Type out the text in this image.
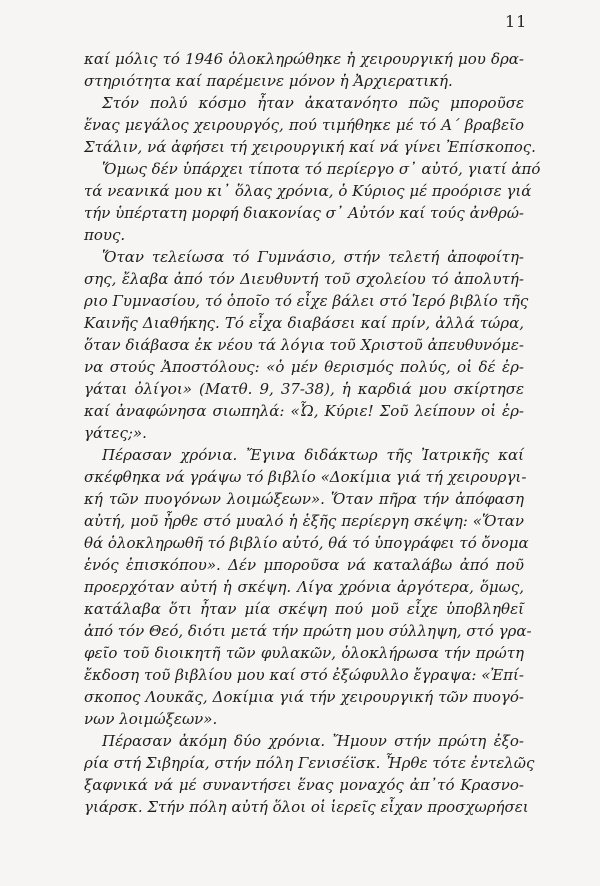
11
καί μόλις τό 1946 ὁλοκληρώθηκε ἡ χειρουργική μου δρα-
στηριότητα καί παρέμεινε μόνον ἡ Ἀρχιερατική.
Στόν πολύ κόσμο ἦταν ἀκατανόητο πῶς μποροῦσε
ἕνας μεγάλος χειρουργός, πού τιμήθηκε μέ τό Α΄ βραβεῖο
Στάλιν, νά ἀφήσει τή χειρουργική καί νά γίνει Ἐπίσκοπος.
Ὅμως δέν ὑπάρχει τίποτα τό περίεργο σ᾿ αὐτό, γιατί ἀπό
τά νεανικά μου κι᾿ ὅλας χρόνια, ὁ Κύριος μέ προόρισε γιά
τήν ὑπέρτατη μορφή διακονίας σ᾿ Αὐτόν καί τούς ἀνθρώ-
πους.
Ὅταν τελείωσα τό Γυμνάσιο, στήν τελετή ἀποφοίτη-
σης, ἔλαβα ἀπό τόν Διευθυντή τοῦ σχολείου τό ἀπολυτή-
ριο Γυμνασίου, τό ὁποῖο τό εἶχε βάλει στό Ἱερό βιβλίο τῆς
Καινῆς Διαθήκης. Τό εἶχα διαβάσει καί πρίν, ἀλλά τώρα,
ὅταν διάβασα ἐκ νέου τά λόγια τοῦ Χριστοῦ ἀπευθυνόμε-
να στούς Ἀποστόλους: «ὁ μέν θερισμός πολύς, οἱ δέ ἐρ-
γάται ὀλίγοι» (Ματθ. 9, 37-38), ἡ καρδιά μου σκίρτησε
καί ἀναφώνησα σιωπηλά: «Ὦ, Κύριε! Σοῦ λείπουν οἱ ἐρ-
γάτες;».
Πέρασαν χρόνια. Ἔγινα διδάκτωρ τῆς Ἰατρικῆς καί
σκέφθηκα νά γράψω τό βιβλίο «Δοκίμια γιά τή χειρουργι-
κή τῶν πυογόνων λοιμώξεων». Ὅταν πῆρα τήν ἀπόφαση
αὐτή, μοῦ ἦρθε στό μυαλό ἡ ἑξῆς περίεργη σκέψη: «Ὅταν
θά ὁλοκληρωθῆ τό βιβλίο αὐτό, θά τό ὑπογράφει τό ὄνομα
ἑνός ἐπισκόπου». Δέν μποροῦσα νά καταλάβω ἀπό ποῦ
προερχόταν αὐτή ἡ σκέψη. Λίγα χρόνια ἀργότερα, ὅμως,
κατάλαβα ὅτι ἦταν μία σκέψη πού μοῦ εἶχε ὑποβληθεῖ
ἀπό τόν Θεό, διότι μετά τήν πρώτη μου σύλληψη, στό γρα-
φεῖο τοῦ διοικητῆ τῶν φυλακῶν, ὁλοκλήρωσα τήν πρώτη
ἔκδοση τοῦ βιβλίου μου καί στό ἐξώφυλλο ἔγραψα: «Ἐπί-
σκοπος Λουκᾶς, Δοκίμια γιά τήν χειρουργική τῶν πυογό-
νων λοιμώξεων».
Πέρασαν ἀκόμη δύο χρόνια. Ἤμουν στήν πρώτη ἐξο-
ρία στή Σιβηρία, στήν πόλη Γενισέϊσκ. Ἦρθε τότε ἐντελῶς
ξαφνικά νά μέ συναντήσει ἕνας μοναχός ἀπ᾿τό Κρασνο-
γιάρσκ. Στήν πόλη αὐτή ὅλοι οἱ ἱερεῖς εἶχαν προσχωρήσει
